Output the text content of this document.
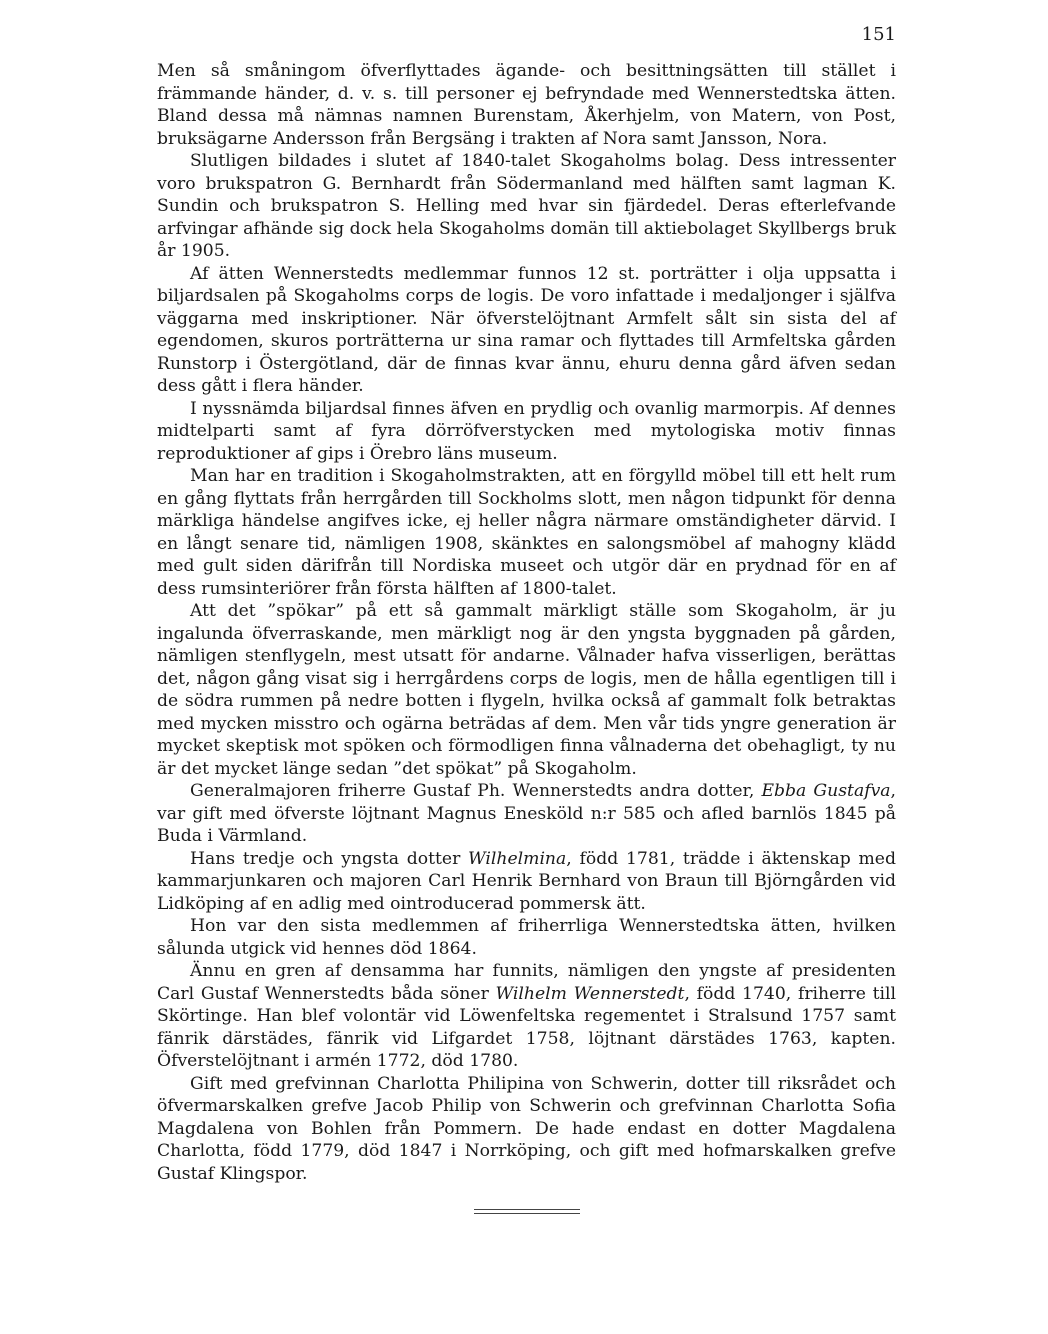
151

Men så småningom öfverflyttades ägande- och besittningsätten till stället i främmande händer, d. v. s. till personer ej befryndade med Wennerstedtska ätten. Bland dessa må nämnas namnen Burenstam, Åkerhjelm, von Matern, von Post, bruksägarne Andersson från Bergsäng i trakten af Nora samt Jansson, Nora.

Slutligen bildades i slutet af 1840-talet Skogaholms bolag. Dess intressenter voro brukspatron G. Bernhardt från Södermanland med hälften samt lagman K. Sundin och brukspatron S. Helling med hvar sin fjärdedel. Deras efterlefvande arfvingar afhände sig dock hela Skogaholms domän till aktiebolaget Skyllbergs bruk år 1905.

Af ätten Wennerstedts medlemmar funnos 12 st. porträtter i olja uppsatta i biljardsalen på Skogaholms corps de logis. De voro infattade i medaljonger i själfva väggarna med inskriptioner. När öfverstelöjtnant Armfelt sålt sin sista del af egendomen, skuros porträtterna ur sina ramar och flyttades till Armfeltska gården Runstorp i Östergötland, där de finnas kvar ännu, ehuru denna gård äfven sedan dess gått i flera händer.

I nyssnämda biljardsal finnes äfven en prydlig och ovanlig marmorpis. Af dennes midtelparti samt af fyra dörröfverstycken med mytologiska motiv finnas reproduktioner af gips i Örebro läns museum.

Man har en tradition i Skogaholmstrakten, att en förgylld möbel till ett helt rum en gång flyttats från herrgården till Sockholms slott, men någon tidpunkt för denna märkliga händelse angifves icke, ej heller några närmare omständigheter därvid. I en långt senare tid, nämligen 1908, skänktes en salongsmöbel af mahogny klädd med gult siden därifrån till Nordiska museet och utgör där en prydnad för en af dess rumsinteriörer från första hälften af 1800-talet.

Att det ”spökar” på ett så gammalt märkligt ställe som Skogaholm, är ju ingalunda öfverraskande, men märkligt nog är den yngsta byggnaden på gården, nämligen stenflygeln, mest utsatt för andarne. Vålnader hafva visserligen, berättas det, någon gång visat sig i herrgårdens corps de logis, men de hålla egentligen till i de södra rummen på nedre botten i flygeln, hvilka också af gammalt folk betraktas med mycken misstro och ogärna beträdas af dem. Men vår tids yngre generation är mycket skeptisk mot spöken och förmodligen finna vålnaderna det obehagligt, ty nu är det mycket länge sedan ”det spökat” på Skogaholm.

Generalmajoren friherre Gustaf Ph. Wennerstedts andra dotter, Ebba Gustafva, var gift med öfverste löjtnant Magnus Enesköld n:r 585 och afled barnlös 1845 på Buda i Värmland.

Hans tredje och yngsta dotter Wilhelmina, född 1781, trädde i äktenskap med kammarjunkaren och majoren Carl Henrik Bernhard von Braun till Björngården vid Lidköping af en adlig med ointroducerad pommersk ätt.

Hon var den sista medlemmen af friherrliga Wennerstedtska ätten, hvilken sålunda utgick vid hennes död 1864.

Ännu en gren af densamma har funnits, nämligen den yngste af presidenten Carl Gustaf Wennerstedts båda söner Wilhelm Wennerstedt, född 1740, friherre till Skörtinge. Han blef volontär vid Löwenfeltska regementet i Stralsund 1757 samt fänrik därstädes, fänrik vid Lifgardet 1758, löjtnant därstädes 1763, kapten. Öfverstelöjtnant i armén 1772, död 1780.

Gift med grefvinnan Charlotta Philipina von Schwerin, dotter till riksrådet och öfvermarskalken grefve Jacob Philip von Schwerin och grefvinnan Charlotta Sofia Magdalena von Bohlen från Pommern. De hade endast en dotter Magdalena Charlotta, född 1779, död 1847 i Norrköping, och gift med hofmarskalken grefve Gustaf Klingspor.
